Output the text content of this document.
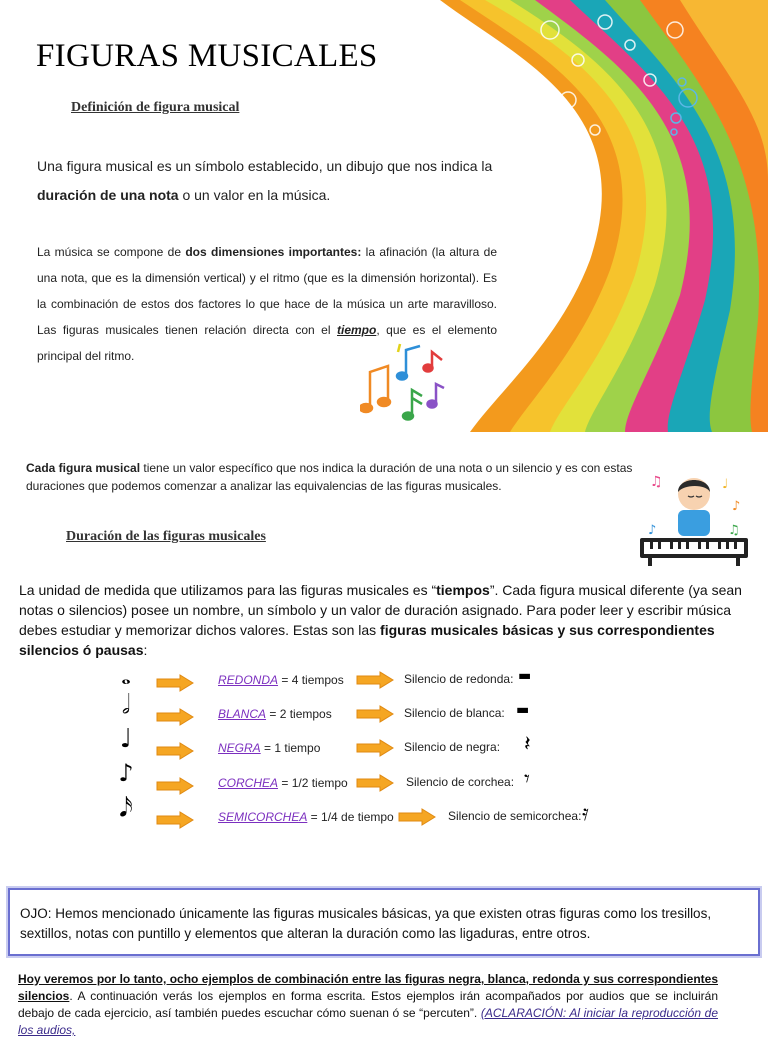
FIGURAS MUSICALES
Definición de figura musical
Una figura musical es un símbolo establecido, un dibujo que nos indica la duración de una nota o un valor en la música.
La música se compone de dos dimensiones importantes: la afinación (la altura de una nota, que es la dimensión vertical) y el ritmo (que es la dimensión horizontal). Es la combinación de estos dos factores lo que hace de la música un arte maravilloso. Las figuras musicales tienen relación directa con el tiempo, que es el elemento principal del ritmo.
Cada figura musical tiene un valor específico que nos indica la duración de una nota o un silencio y es con estas duraciones que podemos comenzar a analizar las equivalencias de las figuras musicales.	♫	♩
♪
♪	♫
Duración de las figuras musicales
La unidad de medida que utilizamos para las figuras musicales es “tiempos”. Cada figura musical diferente (ya sean notas o silencios) posee un nombre, un símbolo y un valor de duración asignado. Para poder leer y escribir música debes estudiar y memorizar dichos valores. Estas son las figuras musicales básicas y sus correspondientes silencios ó pausas:
𝅝	REDONDA = 4 tiempos	Silencio de redonda: ▬
𝅗𝅥	BLANCA = 2 tiempos	Silencio de blanca: ▬
♩	NEGRA = 1 tiempo	Silencio de negra: 𝄽
♪	CORCHEA = 1/2 tiempo	Silencio de corchea: 𝄾
𝅘𝅥𝅯	SEMICORCHEA = 1/4 de tiempo	Silencio de semicorchea: 𝄿
OJO: Hemos mencionado únicamente las figuras musicales básicas, ya que existen otras figuras como los tresillos, sextillos, notas con puntillo y elementos que alteran la duración como las ligaduras, entre otros.
Hoy veremos por lo tanto, ocho ejemplos de combinación entre las figuras negra, blanca, redonda y sus correspondientes silencios. A continuación verás los ejemplos en forma escrita. Estos ejemplos irán acompañados por audios que se incluirán debajo de cada ejercicio, así también puedes escuchar cómo suenan ó se “percuten”. (ACLARACIÓN: Al iniciar la reproducción de los audios,
